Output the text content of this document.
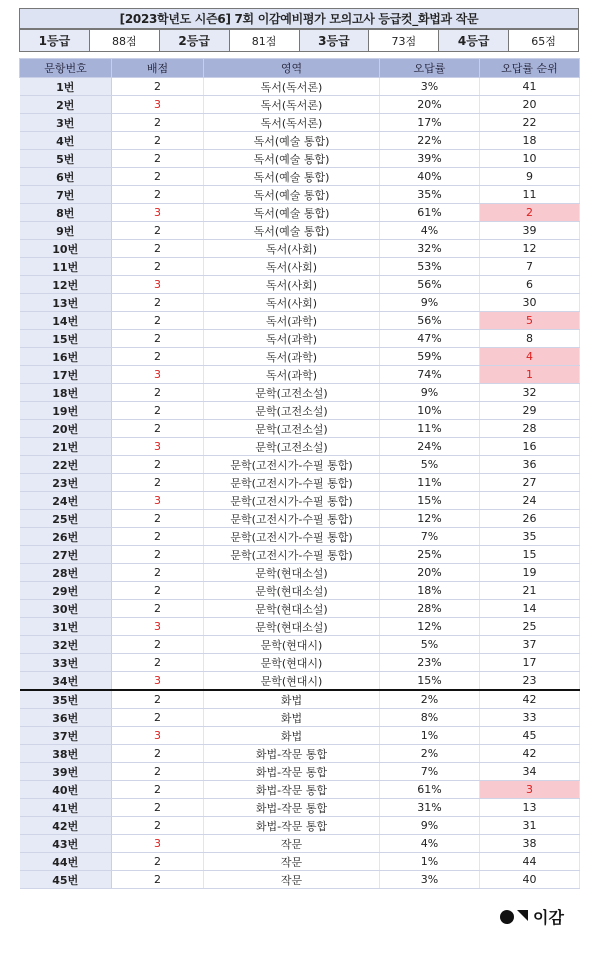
[2023학년도 시즌6] 7회 이감예비평가 모의고사 등급컷_화법과 작문
1등급	88점	2등급	81점	3등급	73점	4등급	65점
문항번호	배점	영역	오답률	오답률 순위
1번	2	독서(독서론)	3%	41
2번	3	독서(독서론)	20%	20
3번	2	독서(독서론)	17%	22
4번	2	독서(예술 통합)	22%	18
5번	2	독서(예술 통합)	39%	10
6번	2	독서(예술 통합)	40%	9
7번	2	독서(예술 통합)	35%	11
8번	3	독서(예술 통합)	61%	2
9번	2	독서(예술 통합)	4%	39
10번	2	독서(사회)	32%	12
11번	2	독서(사회)	53%	7
12번	3	독서(사회)	56%	6
13번	2	독서(사회)	9%	30
14번	2	독서(과학)	56%	5
15번	2	독서(과학)	47%	8
16번	2	독서(과학)	59%	4
17번	3	독서(과학)	74%	1
18번	2	문학(고전소설)	9%	32
19번	2	문학(고전소설)	10%	29
20번	2	문학(고전소설)	11%	28
21번	3	문학(고전소설)	24%	16
22번	2	문학(고전시가-수필 통합)	5%	36
23번	2	문학(고전시가-수필 통합)	11%	27
24번	3	문학(고전시가-수필 통합)	15%	24
25번	2	문학(고전시가-수필 통합)	12%	26
26번	2	문학(고전시가-수필 통합)	7%	35
27번	2	문학(고전시가-수필 통합)	25%	15
28번	2	문학(현대소설)	20%	19
29번	2	문학(현대소설)	18%	21
30번	2	문학(현대소설)	28%	14
31번	3	문학(현대소설)	12%	25
32번	2	문학(현대시)	5%	37
33번	2	문학(현대시)	23%	17
34번	3	문학(현대시)	15%	23
35번	2	화법	2%	42
36번	2	화법	8%	33
37번	3	화법	1%	45
38번	2	화법-작문 통합	2%	42
39번	2	화법-작문 통합	7%	34
40번	2	화법-작문 통합	61%	3
41번	2	화법-작문 통합	31%	13
42번	2	화법-작문 통합	9%	31
43번	3	작문	4%	38
44번	2	작문	1%	44
45번	2	작문	3%	40
이감
